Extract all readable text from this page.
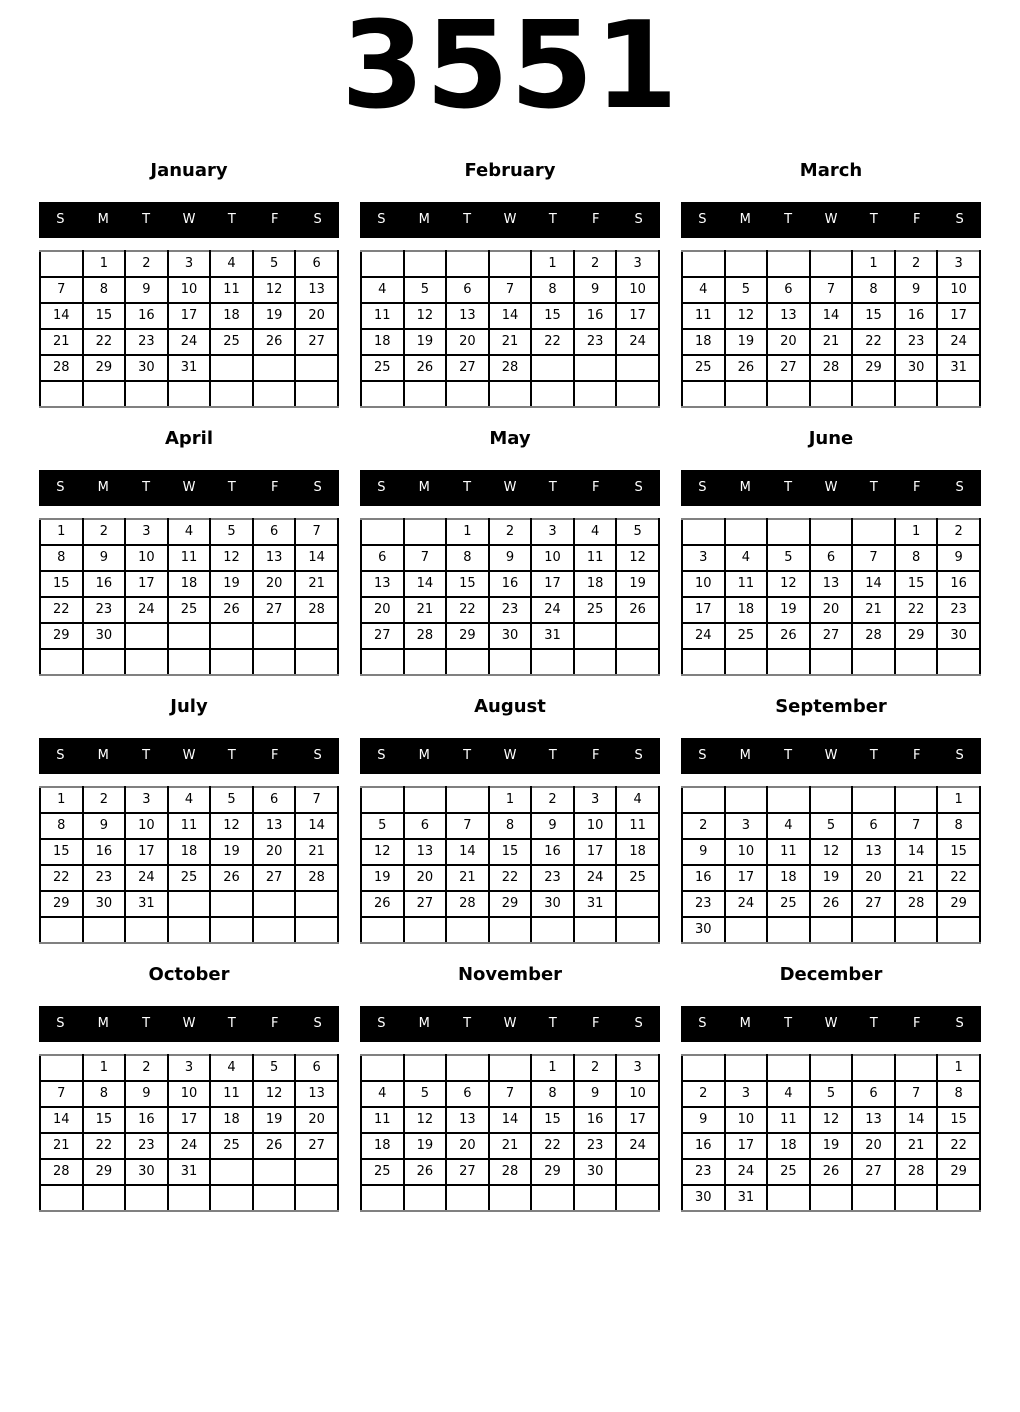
3551
January
S	M	T	W	T	F	S
	1	2	3	4	5	6
7	8	9	10	11	12	13
14	15	16	17	18	19	20
21	22	23	24	25	26	27
28	29	30	31			

February
S	M	T	W	T	F	S
				1	2	3
4	5	6	7	8	9	10
11	12	13	14	15	16	17
18	19	20	21	22	23	24
25	26	27	28			

March
S	M	T	W	T	F	S
				1	2	3
4	5	6	7	8	9	10
11	12	13	14	15	16	17
18	19	20	21	22	23	24
25	26	27	28	29	30	31

April
S	M	T	W	T	F	S
1	2	3	4	5	6	7
8	9	10	11	12	13	14
15	16	17	18	19	20	21
22	23	24	25	26	27	28
29	30					

May
S	M	T	W	T	F	S
		1	2	3	4	5
6	7	8	9	10	11	12
13	14	15	16	17	18	19
20	21	22	23	24	25	26
27	28	29	30	31		

June
S	M	T	W	T	F	S
					1	2
3	4	5	6	7	8	9
10	11	12	13	14	15	16
17	18	19	20	21	22	23
24	25	26	27	28	29	30

July
S	M	T	W	T	F	S
1	2	3	4	5	6	7
8	9	10	11	12	13	14
15	16	17	18	19	20	21
22	23	24	25	26	27	28
29	30	31				

August
S	M	T	W	T	F	S
			1	2	3	4
5	6	7	8	9	10	11
12	13	14	15	16	17	18
19	20	21	22	23	24	25
26	27	28	29	30	31	

September
S	M	T	W	T	F	S
						1
2	3	4	5	6	7	8
9	10	11	12	13	14	15
16	17	18	19	20	21	22
23	24	25	26	27	28	29
30						
October
S	M	T	W	T	F	S
	1	2	3	4	5	6
7	8	9	10	11	12	13
14	15	16	17	18	19	20
21	22	23	24	25	26	27
28	29	30	31			

November
S	M	T	W	T	F	S
				1	2	3
4	5	6	7	8	9	10
11	12	13	14	15	16	17
18	19	20	21	22	23	24
25	26	27	28	29	30	

December
S	M	T	W	T	F	S
						1
2	3	4	5	6	7	8
9	10	11	12	13	14	15
16	17	18	19	20	21	22
23	24	25	26	27	28	29
30	31					
